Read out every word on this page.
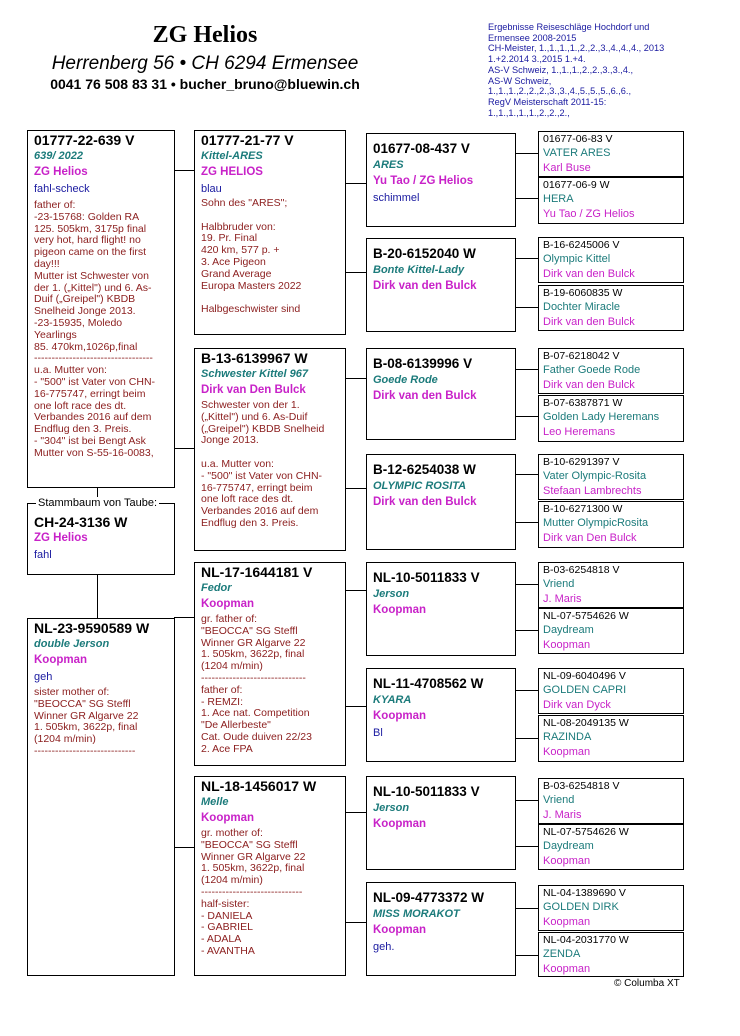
ZG Helios
Herrenberg 56 • CH 6294 Ermensee
0041 76 508 83 31 • bucher_bruno@bluewin.ch
Ergebnisse Reiseschläge Hochdorf und
Ermensee 2008-2015
CH-Meister, 1.,1.,1.,1.,2.,2.,3.,4.,4.,4., 2013
1.+2.2014 3.,2015 1.+4.
AS-V Schweiz, 1.,1.,1.,2.,2.,3.,3.,4.,
AS-W Schweiz,
1.,1.,1.,2.,2.,2.,3.,3.,4.,5.,5.,5.,6.,6.,
RegV Meisterschaft 2011-15:
1.,1.,1.,1.,1.,2.,2.,2.,
01777-22-639 V
639/ 2022
ZG Helios
fahl-scheck
father of:
-23-15768: Golden RA
125. 505km, 3175p final
very hot, hard flight! no
pigeon came on the first
day!!!
Mutter ist Schwester von
der 1. („Kittel") und 6. As-
Duif („Greipel") KBDB
Snelheid Jonge 2013.
-23-15935, Moledo
Yearlings
85. 470km,1026p,final
----------------------------------
u.a. Mutter von:
- "500" ist Vater von CHN-
16-775747, erringt beim
one loft race des dt.
Verbandes 2016 auf dem
Endflug den 3. Preis.
- "304" ist bei Bengt Ask
Mutter von S-55-16-0083,
CH-24-3136 W
ZG Helios
fahl
Stammbaum von Taube:
NL-23-9590589 W
double Jerson
Koopman
geh
sister mother of:
"BEOCCA" SG Steffl
Winner GR Algarve 22
1. 505km, 3622p, final
(1204 m/min)
-----------------------------
01777-21-77 V
Kittel-ARES
ZG HELIOS
blau
Sohn des "ARES";

Halbbruder von:
19. Pr. Final
420 km, 577 p. +
3. Ace Pigeon
Grand Average
Europa Masters 2022

Halbgeschwister sind
B-13-6139967 W
Schwester Kittel 967
Dirk van Den Bulck
Schwester von der 1.
(„Kittel") und 6. As-Duif
(„Greipel") KBDB Snelheid
Jonge 2013.

u.a. Mutter von:
- "500" ist Vater von CHN-
16-775747, erringt beim
one loft race des dt.
Verbandes 2016 auf dem
Endflug den 3. Preis.
NL-17-1644181 V
Fedor
Koopman
gr. father of:
"BEOCCA" SG Steffl
Winner GR Algarve 22
1. 505km, 3622p, final
(1204 m/min)
------------------------------
father of:
- REMZI:
1. Ace nat. Competition
"De Allerbeste"
Cat. Oude duiven 22/23
2. Ace FPA
NL-18-1456017 W
Melle
Koopman
gr. mother of:
"BEOCCA" SG Steffl
Winner GR Algarve 22
1. 505km, 3622p, final
(1204 m/min)
-----------------------------
half-sister:
- DANIELA
- GABRIEL
- ADALA
- AVANTHA
01677-08-437 V
ARES
Yu Tao / ZG Helios
schimmel
B-20-6152040 W
Bonte Kittel-Lady
Dirk van den Bulck
B-08-6139996 V
Goede Rode
Dirk van den Bulck
B-12-6254038 W
OLYMPIC ROSITA
Dirk van den Bulck
NL-10-5011833 V
Jerson
Koopman
NL-11-4708562 W
KYARA
Koopman
Bl
NL-10-5011833 V
Jerson
Koopman
NL-09-4773372 W
MISS MORAKOT
Koopman
geh.
01677-06-83 V
VATER ARES
Karl Buse
01677-06-9 W
HERA
Yu Tao / ZG Helios
B-16-6245006 V
Olympic Kittel
Dirk van den Bulck
B-19-6060835 W
Dochter Miracle
Dirk van den Bulck
B-07-6218042 V
Father Goede Rode
Dirk van den Bulck
B-07-6387871 W
Golden Lady Heremans
Leo Heremans
B-10-6291397 V
Vater Olympic-Rosita
Stefaan Lambrechts
B-10-6271300 W
Mutter OlympicRosita
Dirk van Den Bulck
B-03-6254818 V
Vriend
J. Maris
NL-07-5754626 W
Daydream
Koopman
NL-09-6040496 V
GOLDEN CAPRI
Dirk van Dyck
NL-08-2049135 W
RAZINDA
Koopman
B-03-6254818 V
Vriend
J. Maris
NL-07-5754626 W
Daydream
Koopman
NL-04-1389690 V
GOLDEN DIRK
Koopman
NL-04-2031770 W
ZENDA
Koopman
© Columba XT
